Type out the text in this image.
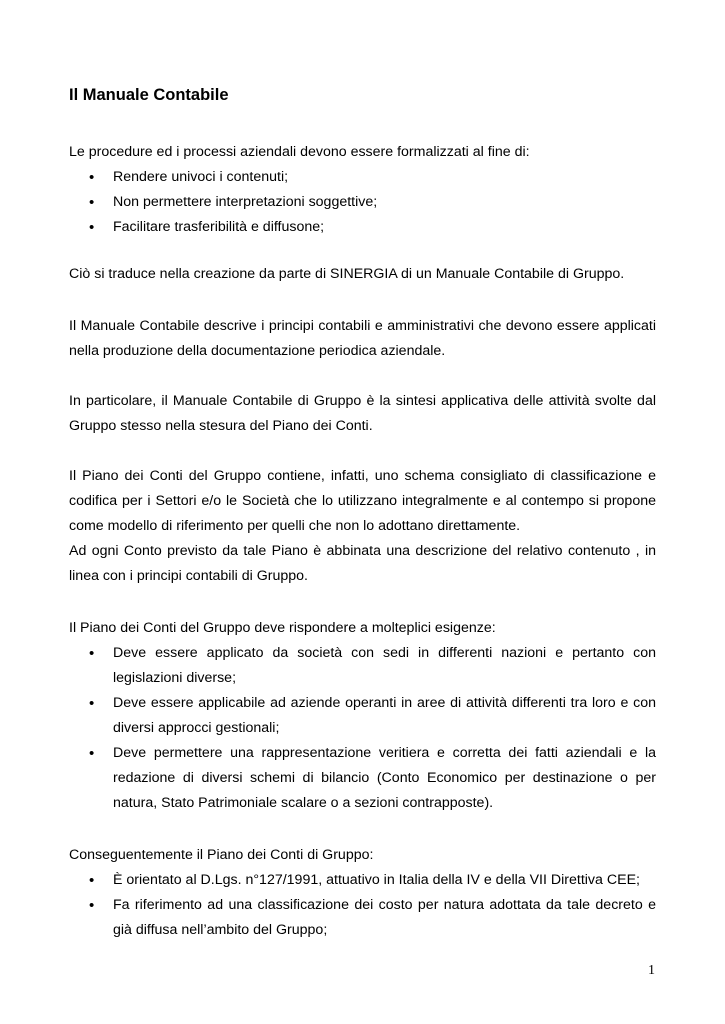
Il Manuale Contabile

Le procedure ed i processi aziendali devono essere formalizzati al fine di:

• Rendere univoci i contenuti;
• Non permettere interpretazioni soggettive;
• Facilitare trasferibilità e diffusone;

Ciò si traduce nella creazione da parte di SINERGIA di un Manuale Contabile di Gruppo.

Il Manuale Contabile descrive i principi contabili e amministrativi che devono essere applicati nella produzione della documentazione periodica aziendale.

In particolare, il Manuale Contabile di Gruppo è la sintesi applicativa delle attività svolte dal Gruppo stesso nella stesura del Piano dei Conti.

Il Piano dei Conti del Gruppo contiene, infatti, uno schema consigliato di classificazione e codifica per i Settori e/o le Società che lo utilizzano integralmente e al contempo si propone come modello di riferimento per quelli che non lo adottano direttamente.

Ad ogni Conto previsto da tale Piano è abbinata una descrizione del relativo contenuto , in linea con i principi contabili di Gruppo.

Il Piano dei Conti del Gruppo deve rispondere a molteplici esigenze:

• Deve essere applicato da società con sedi in differenti nazioni e pertanto con legislazioni diverse;
• Deve essere applicabile ad aziende operanti in aree di attività differenti tra loro e con diversi approcci gestionali;
• Deve permettere una rappresentazione veritiera e corretta dei fatti aziendali e la redazione di diversi schemi di bilancio (Conto Economico per destinazione o per natura, Stato Patrimoniale scalare o a sezioni contrapposte).

Conseguentemente il Piano dei Conti di Gruppo:

• È orientato al D.Lgs. n°127/1991, attuativo in Italia della IV e della VII Direttiva CEE;
• Fa riferimento ad una classificazione dei costo per natura adottata da tale decreto e già diffusa nell’ambito del Gruppo;
1
